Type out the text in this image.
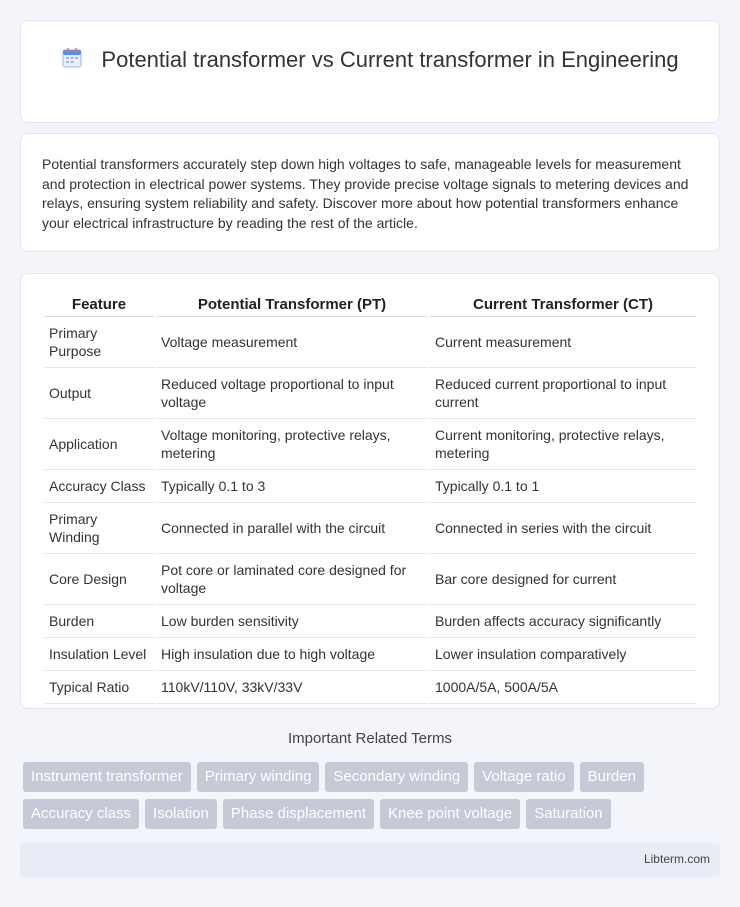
Potential transformer vs Current transformer in Engineering

Potential transformers accurately step down high voltages to safe, manageable levels for measurement and protection in electrical power systems. They provide precise voltage signals to metering devices and relays, ensuring system reliability and safety. Discover more about how potential transformers enhance your electrical infrastructure by reading the rest of the article.

Feature	Potential Transformer (PT)	Current Transformer (CT)
Primary Purpose	Voltage measurement	Current measurement
Output	Reduced voltage proportional to input voltage	Reduced current proportional to input current
Application	Voltage monitoring, protective relays, metering	Current monitoring, protective relays, metering
Accuracy Class	Typically 0.1 to 3	Typically 0.1 to 1
Primary Winding	Connected in parallel with the circuit	Connected in series with the circuit
Core Design	Pot core or laminated core designed for voltage	Bar core designed for current
Burden	Low burden sensitivity	Burden affects accuracy significantly
Insulation Level	High insulation due to high voltage	Lower insulation comparatively
Typical Ratio	110kV/110V, 33kV/33V	1000A/5A, 500A/5A
Important Related Terms
Instrument transformer	Primary winding	Secondary winding	Voltage ratio	Burden
Accuracy class	Isolation	Phase displacement	Knee point voltage	Saturation
Libterm.com
